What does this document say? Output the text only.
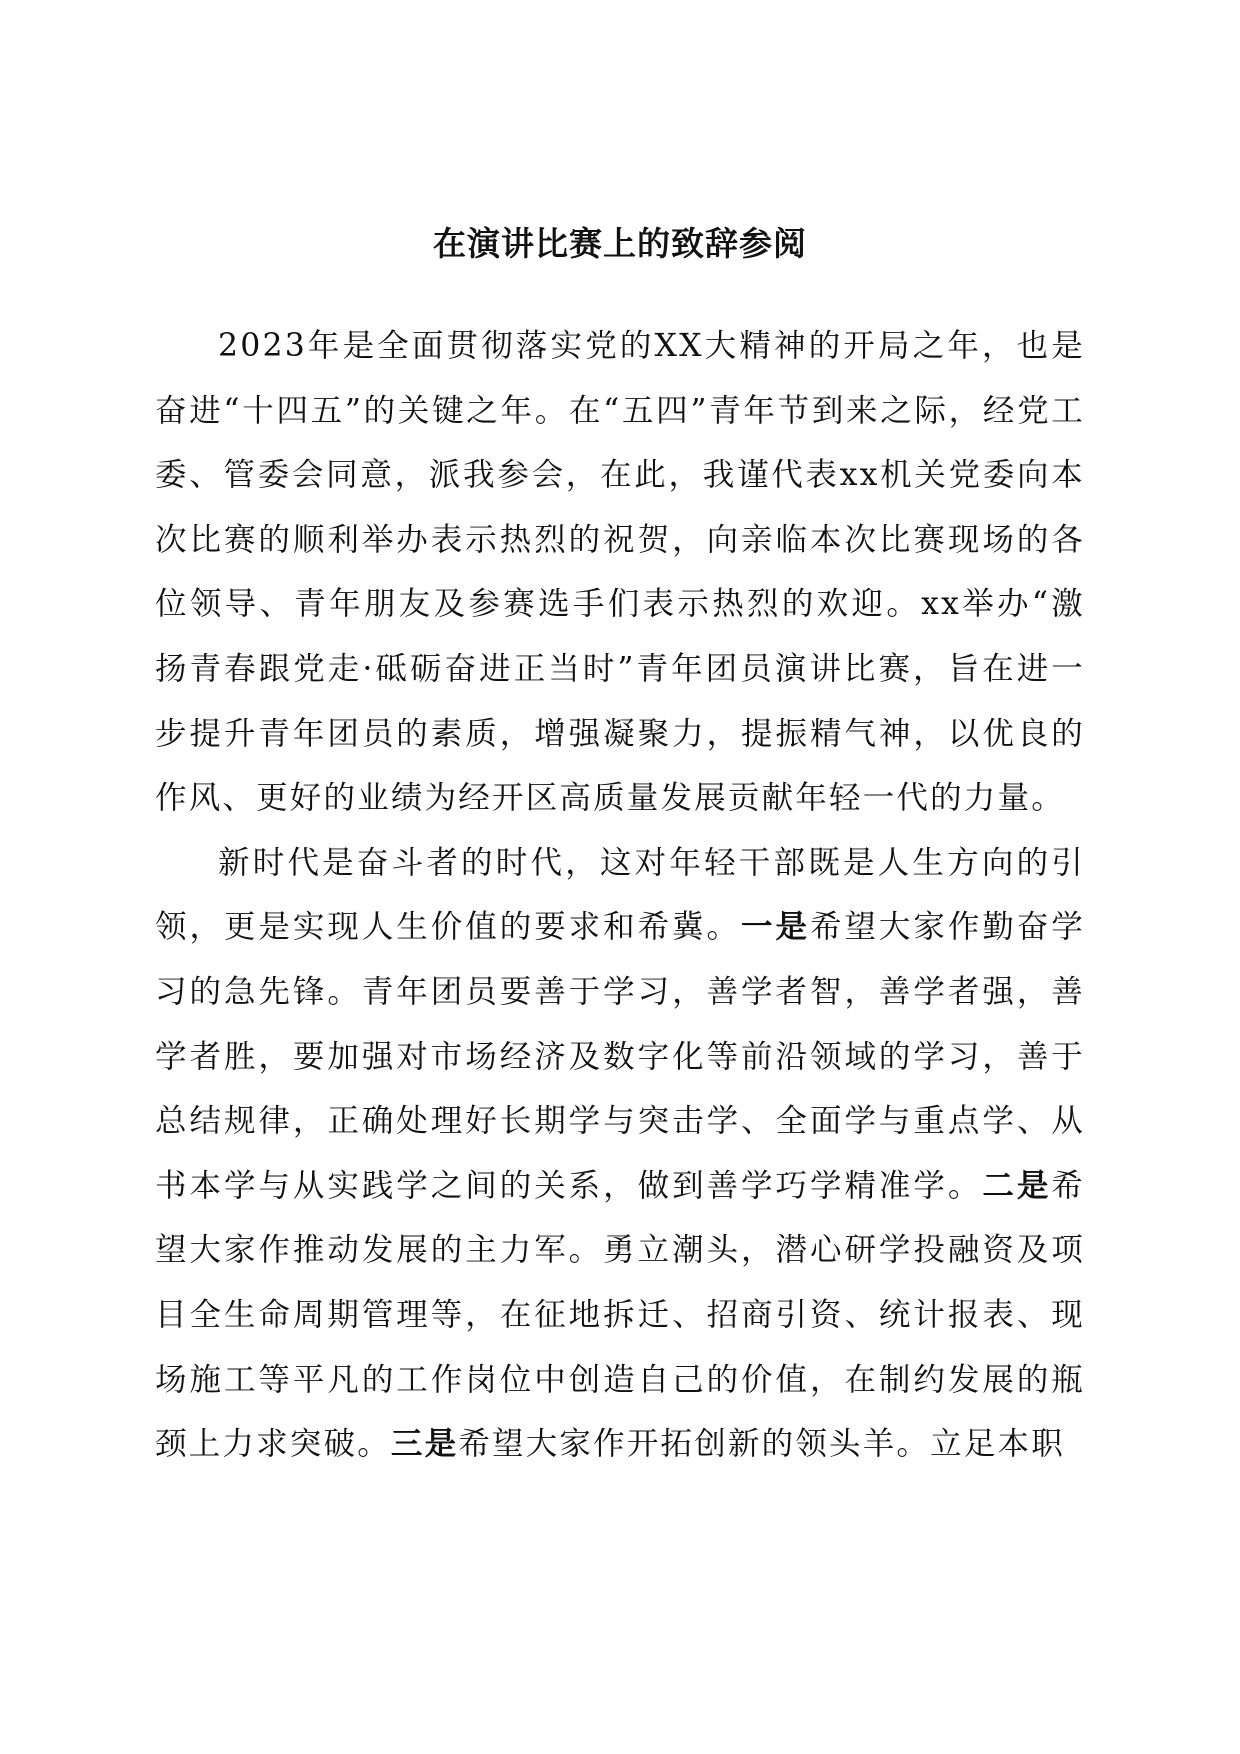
在演讲比赛上的致辞参阅

2023年是全面贯彻落实党的XX大精神的开局之年，也是奋进“十四五”的关键之年。在“五四”青年节到来之际，经党工委、管委会同意，派我参会，在此，我谨代表xx机关党委向本次比赛的顺利举办表示热烈的祝贺，向亲临本次比赛现场的各位领导、青年朋友及参赛选手们表示热烈的欢迎。xx举办“激扬青春跟党走·砥砺奋进正当时”青年团员演讲比赛，旨在进一步提升青年团员的素质，增强凝聚力，提振精气神，以优良的作风、更好的业绩为经开区高质量发展贡献年轻一代的力量。

新时代是奋斗者的时代，这对年轻干部既是人生方向的引领，更是实现人生价值的要求和希冀。一是希望大家作勤奋学习的急先锋。青年团员要善于学习，善学者智，善学者强，善学者胜，要加强对市场经济及数字化等前沿领域的学习，善于总结规律，正确处理好长期学与突击学、全面学与重点学、从书本学与从实践学之间的关系，做到善学巧学精准学。二是希望大家作推动发展的主力军。勇立潮头，潜心研学投融资及项目全生命周期管理等，在征地拆迁、招商引资、统计报表、现场施工等平凡的工作岗位中创造自己的价值，在制约发展的瓶颈上力求突破。三是希望大家作开拓创新的领头羊。立足本职
